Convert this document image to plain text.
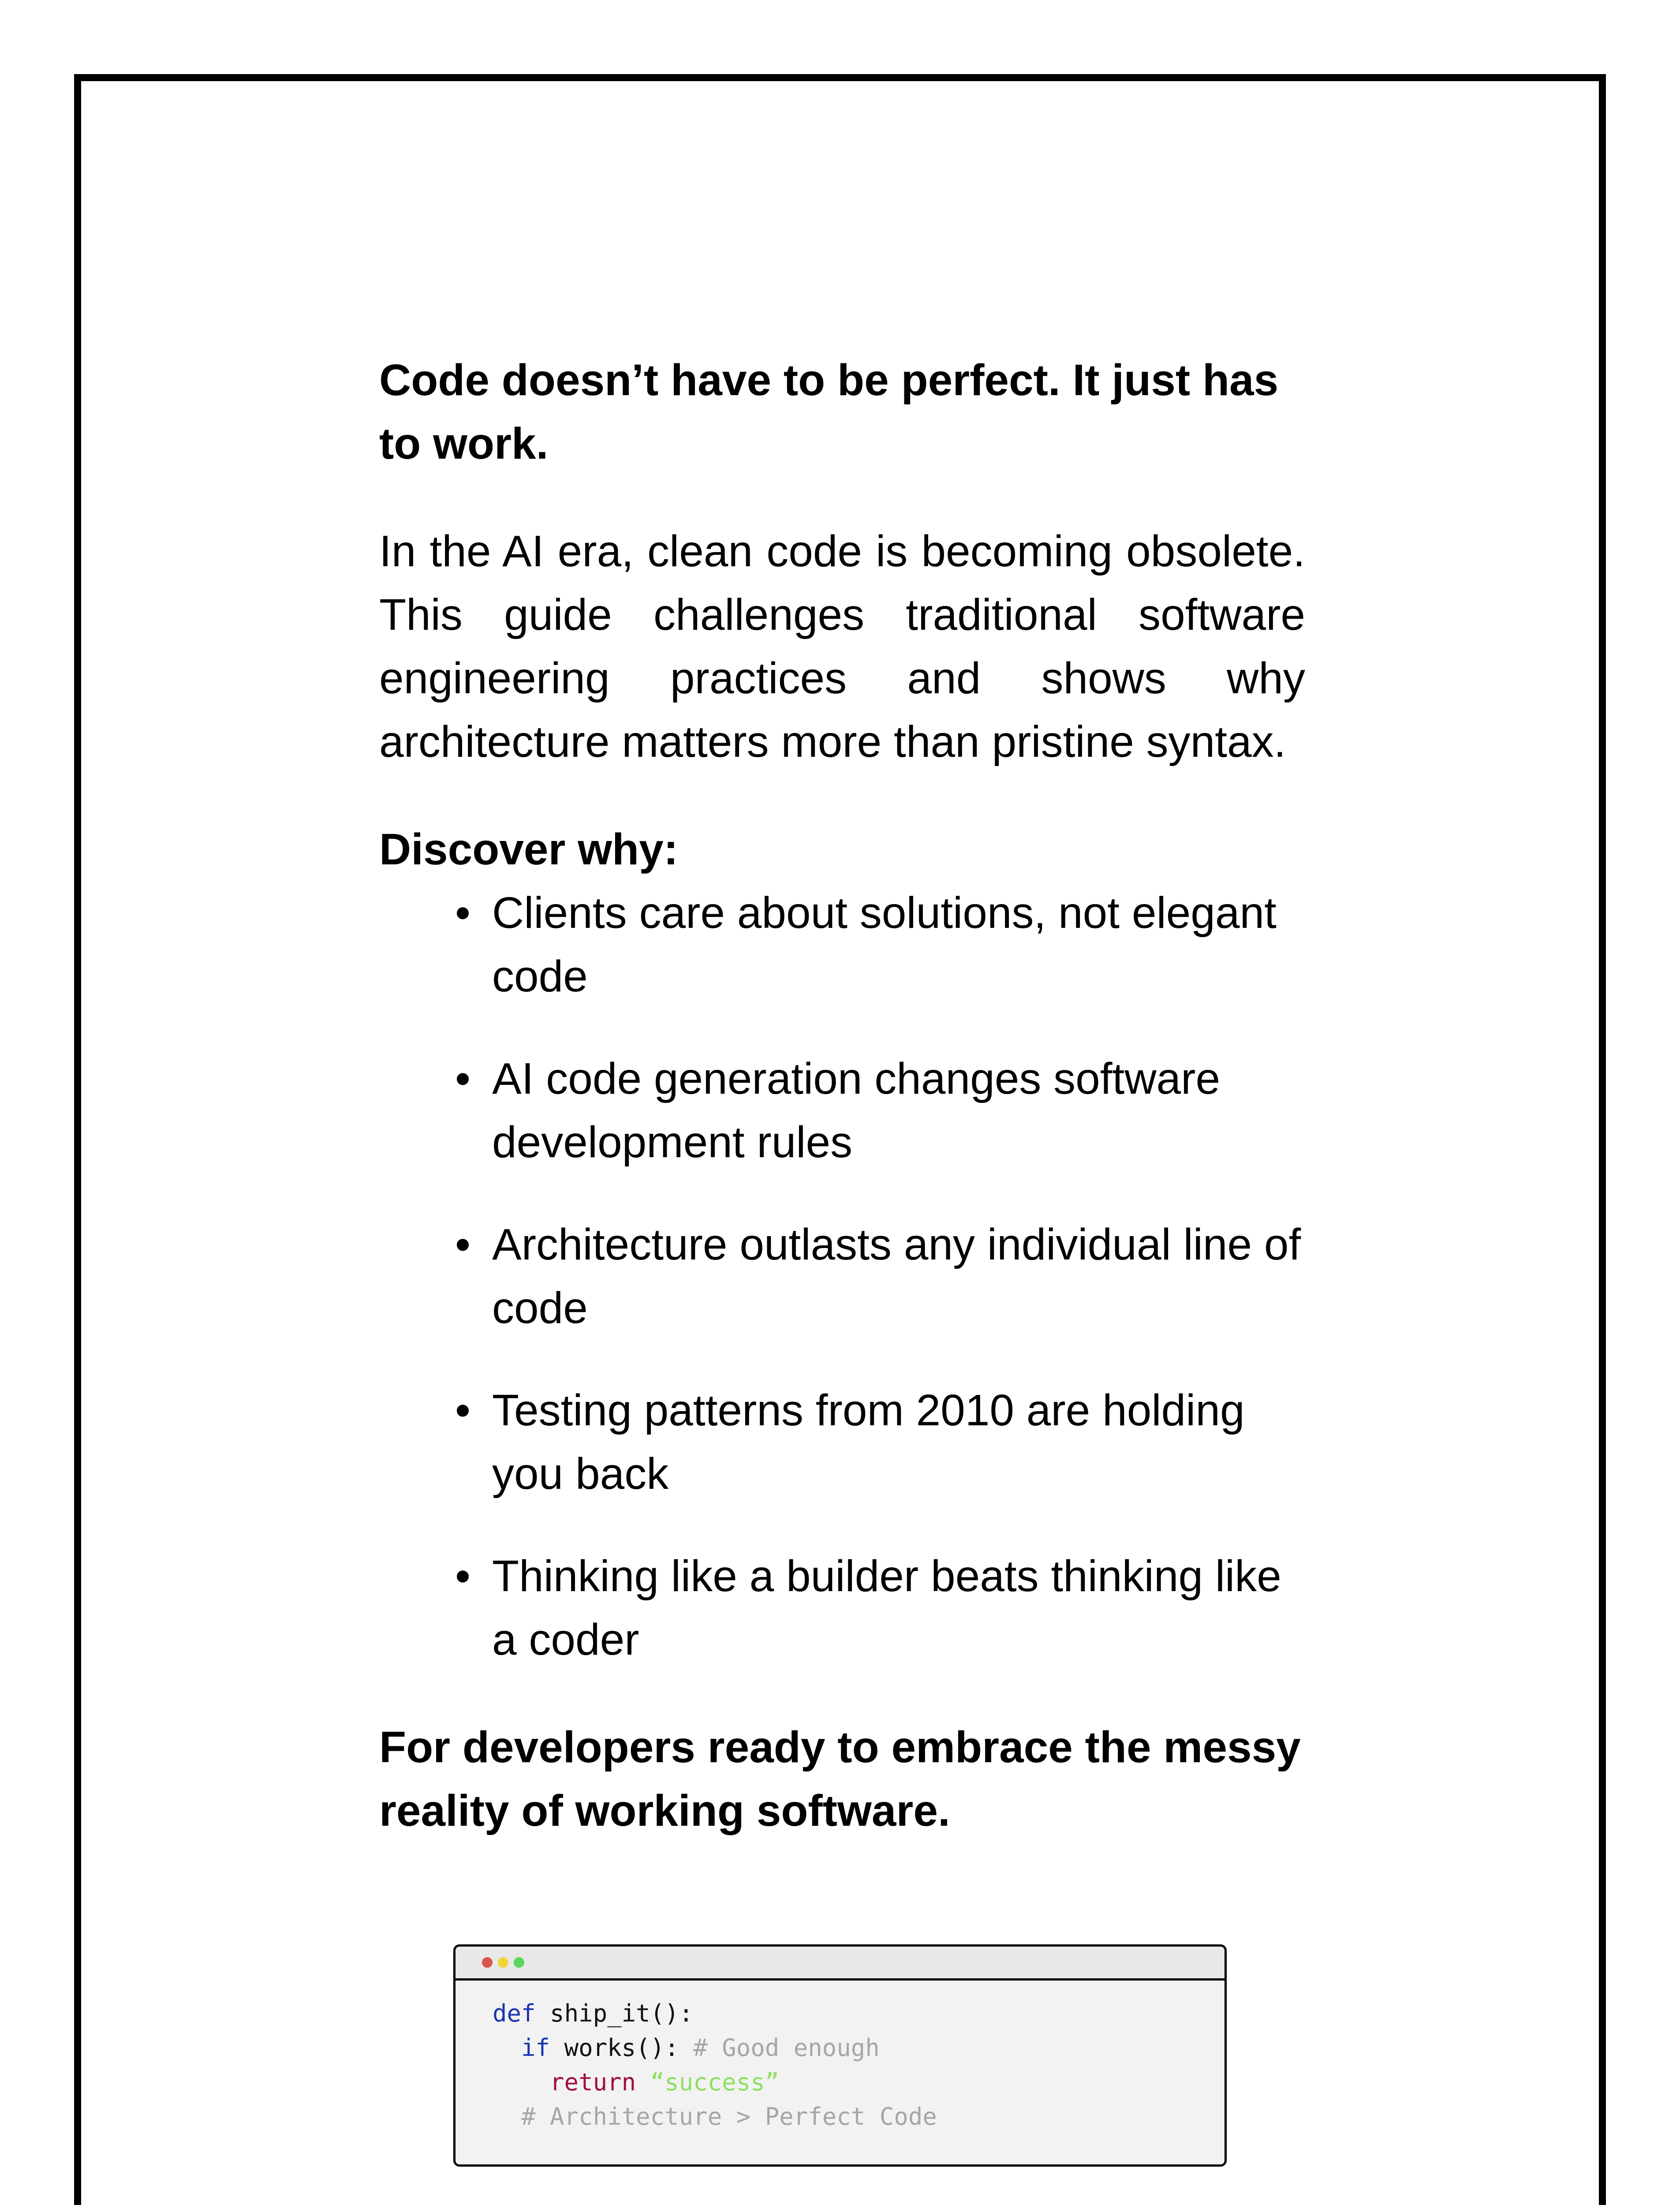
Code doesn’t have to be perfect. It just has to work.

In the AI era, clean code is becoming obsolete. This guide challenges traditional software engineering practices and shows why architecture matters more than pristine syntax.

Discover why:

• Clients care about solutions, not elegant code
• AI code generation changes software development rules
• Architecture outlasts any individual line of code
• Testing patterns from 2010 are holding you back
• Thinking like a builder beats thinking like a coder

For developers ready to embrace the messy reality of working software.

def ship_it():
if works(): # Good enough
return “success”
# Architecture > Perfect Code
